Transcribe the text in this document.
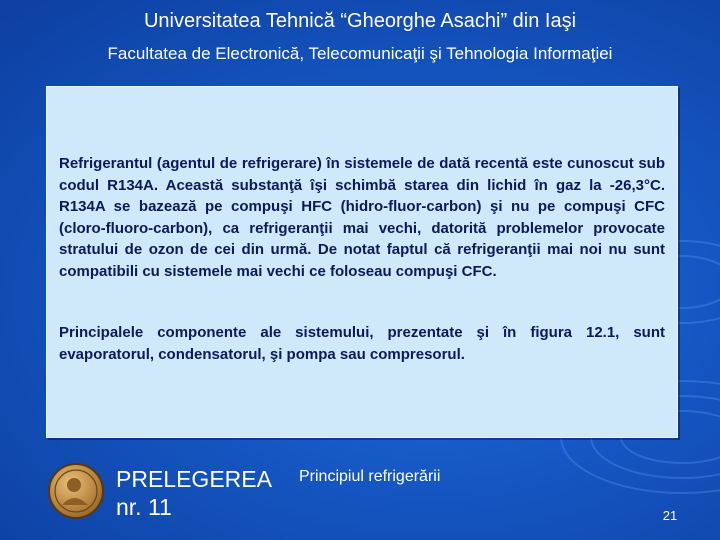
Universitatea Tehnică “Gheorghe Asachi” din Iaşi
Facultatea de Electronică, Telecomunicaţii şi Tehnologia Informaţiei

Refrigerantul (agentul de refrigerare) în sistemele de dată recentă este cunoscut sub codul R134A. Această substanţă îşi schimbă starea din lichid în gaz la -26,3°C. R134A se bazează pe compuşi HFC (hidro-fluor-carbon) şi nu pe compuşi CFC (cloro-fluoro-carbon), ca refrigeranţii mai vechi, datorită problemelor provocate stratului de ozon de cei din urmă. De notat faptul că refrigeranţii mai noi nu sunt compatibili cu sistemele mai vechi ce foloseau compuşi CFC.

Principalele componente ale sistemului, prezentate şi în figura 12.1, sunt evaporatorul, condensatorul, şi pompa sau compresorul.

PRELEGEREA
nr. 11
Principiul refrigerării
21
